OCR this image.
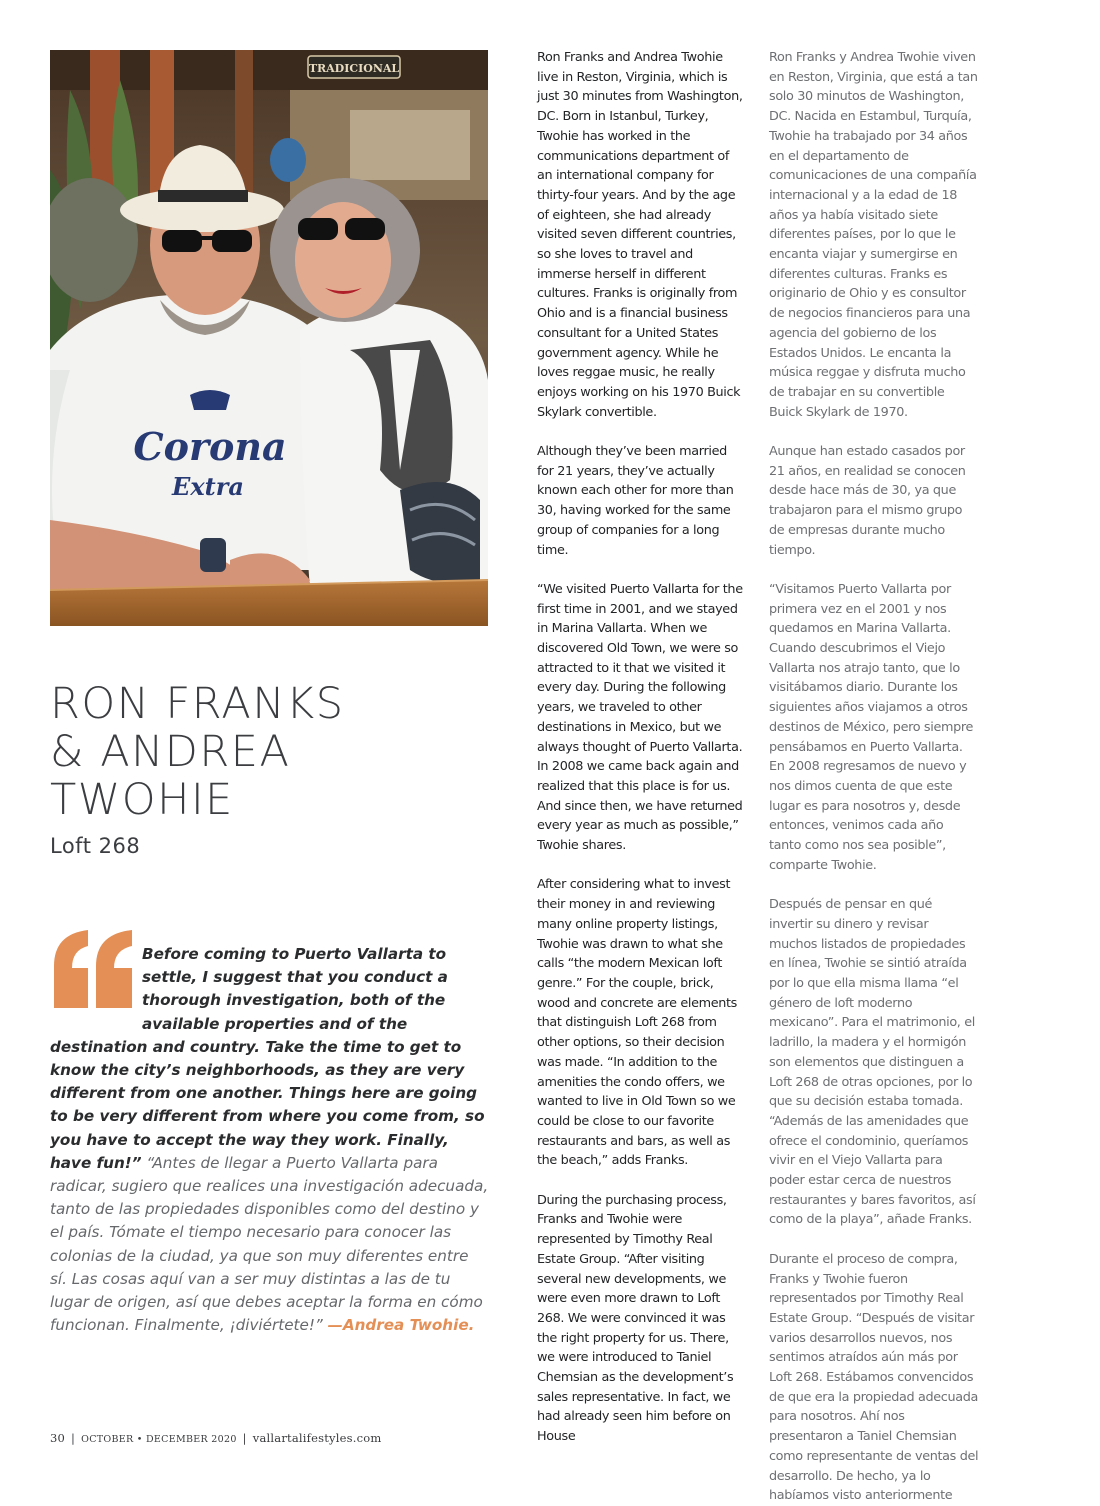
TRADICIONAL
Corona
Extra
RON FRANKS
& ANDREA
TWOHIE
Loft 268
Before coming to Puerto Vallarta to settle, I suggest that you conduct a thorough investigation, both of the available properties and of the destination and country. Take the time to get to know the city’s neighborhoods, as they are very different from one another. Things here are going to be very different from where you come from, so you have to accept the way they work. Finally, have fun!” “Antes de llegar a Puerto Vallarta para radicar, sugiero que realices una investigación adecuada, tanto de las propiedades disponibles como del destino y el país. Tómate el tiempo necesario para conocer las colonias de la ciudad, ya que son muy diferentes entre sí. Las cosas aquí van a ser muy distintas a las de tu lugar de origen, así que debes aceptar la forma en cómo funcionan. Finalmente, ¡diviértete!” —Andrea Twohie.

Ron Franks and Andrea Twohie live in Reston, Virginia, which is just 30 minutes from Washington, DC. Born in Istanbul, Turkey, Twohie has worked in the communications department of an international company for thirty-four years. And by the age of eighteen, she had already visited seven different countries, so she loves to travel and immerse herself in different cultures. Franks is originally from Ohio and is a financial business consultant for a United States government agency. While he loves reggae music, he really enjoys working on his 1970 Buick Skylark convertible.

Although they’ve been married for 21 years, they’ve actually known each other for more than 30, having worked for the same group of companies for a long time.

“We visited Puerto Vallarta for the first time in 2001, and we stayed in Marina Vallarta. When we discovered Old Town, we were so attracted to it that we visited it every day. During the following years, we traveled to other destinations in Mexico, but we always thought of Puerto Vallarta. In 2008 we came back again and realized that this place is for us. And since then, we have returned every year as much as possible,” Twohie shares.

After considering what to invest their money in and reviewing many online property listings, Twohie was drawn to what she calls “the modern Mexican loft genre.” For the couple, brick, wood and concrete are elements that distinguish Loft 268 from other options, so their decision was made. “In addition to the amenities the condo offers, we wanted to live in Old Town so we could be close to our favorite restaurants and bars, as well as the beach,” adds Franks.

During the purchasing process, Franks and Twohie were represented by Timothy Real Estate Group. “After visiting several new developments, we were even more drawn to Loft 268. We were convinced it was the right property for us. There, we were introduced to Taniel Chemsian as the development’s sales representative. In fact, we had already seen him before on House

Ron Franks y Andrea Twohie viven en Reston, Virginia, que está a tan solo 30 minutos de Washington, DC. Nacida en Estambul, Turquía, Twohie ha trabajado por 34 años en el departamento de comunicaciones de una compañía internacional y a la edad de 18 años ya había visitado siete diferentes países, por lo que le encanta viajar y sumergirse en diferentes culturas. Franks es originario de Ohio y es consultor de negocios financieros para una agencia del gobierno de los Estados Unidos. Le encanta la música reggae y disfruta mucho de trabajar en su convertible Buick Skylark de 1970.

Aunque han estado casados por 21 años, en realidad se conocen desde hace más de 30, ya que trabajaron para el mismo grupo de empresas durante mucho tiempo.

“Visitamos Puerto Vallarta por primera vez en el 2001 y nos quedamos en Marina Vallarta. Cuando descubrimos el Viejo Vallarta nos atrajo tanto, que lo visitábamos diario. Durante los siguientes años viajamos a otros destinos de México, pero siempre pensábamos en Puerto Vallarta. En 2008 regresamos de nuevo y nos dimos cuenta de que este lugar es para nosotros y, desde entonces, venimos cada año tanto como nos sea posible”, comparte Twohie.

Después de pensar en qué invertir su dinero y revisar muchos listados de propiedades en línea, Twohie se sintió atraída por lo que ella misma llama “el género de loft moderno mexicano”. Para el matrimonio, el ladrillo, la madera y el hormigón son elementos que distinguen a Loft 268 de otras opciones, por lo que su decisión estaba tomada. “Además de las amenidades que ofrece el condominio, queríamos vivir en el Viejo Vallarta para poder estar cerca de nuestros restaurantes y bares favoritos, así como de la playa”, añade Franks.

Durante el proceso de compra, Franks y Twohie fueron representados por Timothy Real Estate Group. “Después de visitar varios desarrollos nuevos, nos sentimos atraídos aún más por Loft 268. Estábamos convencidos de que era la propiedad adecuada para nosotros. Ahí nos presentaron a Taniel Chemsian como representante de ventas del desarrollo. De hecho, ya lo habíamos visto anteriormente

30 | OCTOBER • DECEMBER 2020 | vallartalifestyles.com
